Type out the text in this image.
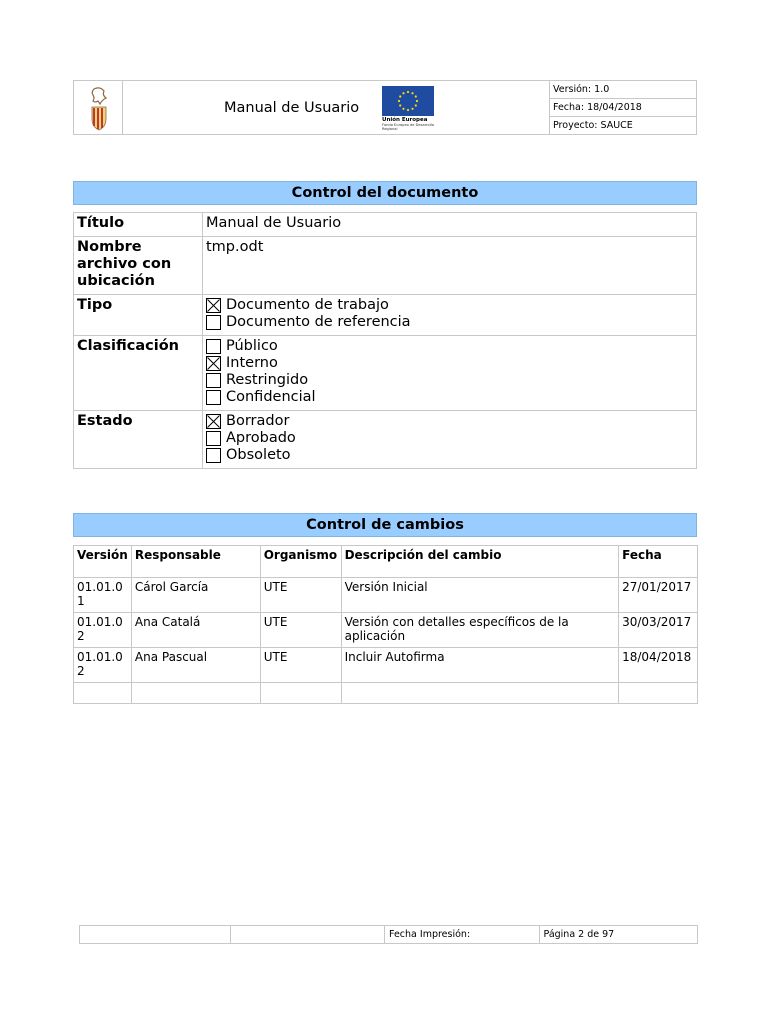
Manual de Usuario
Unión Europea
Fondo Europeo de Desarrollo Regional
Versión: 1.0
Fecha: 18/04/2018
Proyecto: SAUCE
Control del documento
Título	Manual de Usuario
Nombre archivo con ubicación	tmp.odt
Tipo	Documento de trabajo
Documento de referencia

Clasificación	Público
Interno
Restringido
Confidencial

Estado	Borrador
Aprobado
Obsoleto
Control de cambios
Versión	Responsable	Organismo	Descripción del cambio	Fecha
01.01.01	Cárol García	UTE	Versión Inicial	27/01/2017
01.01.02	Ana Catalá	UTE	Versión con detalles específicos de la aplicación	30/03/2017
01.01.02	Ana Pascual	UTE	Incluir Autofirma	18/04/2018

Fecha Impresión:	Página 2 de 97
